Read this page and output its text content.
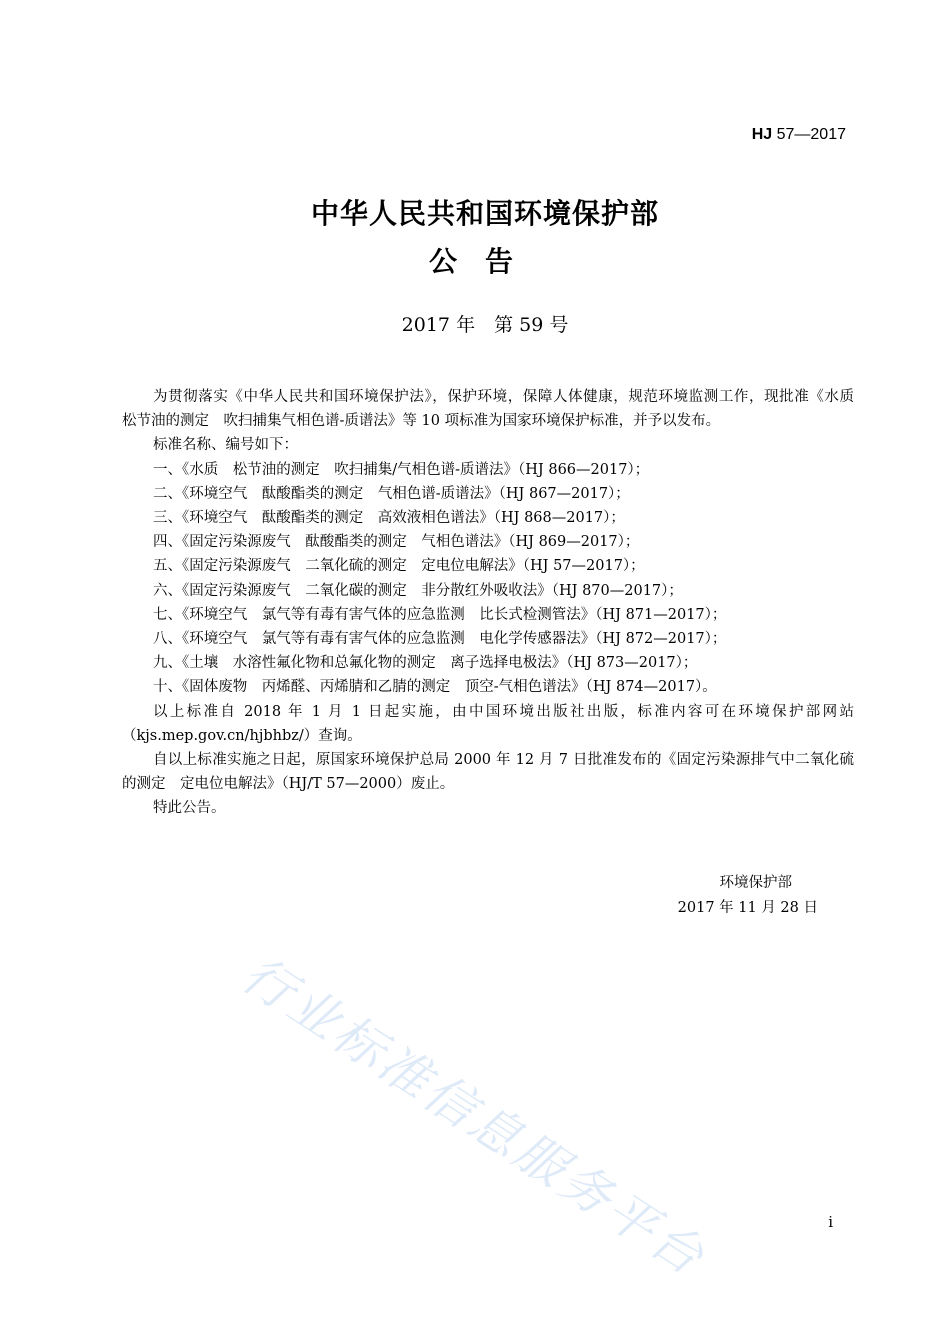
HJ 57—2017
中华人民共和国环境保护部
公告
2017 年　第 59 号

为贯彻落实《中华人民共和国环境保护法》，保护环境，保障人体健康，规范环境监测工作，现批准《水质　松节油的测定　吹扫捕集气相色谱-质谱法》等 10 项标准为国家环境保护标准，并予以发布。

标准名称、编号如下：

一、《水质　松节油的测定　吹扫捕集/气相色谱-质谱法》（HJ 866—2017）；

二、《环境空气　酞酸酯类的测定　气相色谱-质谱法》（HJ 867—2017）；

三、《环境空气　酞酸酯类的测定　高效液相色谱法》（HJ 868—2017）；

四、《固定污染源废气　酞酸酯类的测定　气相色谱法》（HJ 869—2017）；

五、《固定污染源废气　二氧化硫的测定　定电位电解法》（HJ 57—2017）；

六、《固定污染源废气　二氧化碳的测定　非分散红外吸收法》（HJ 870—2017）；

七、《环境空气　氯气等有毒有害气体的应急监测　比长式检测管法》（HJ 871—2017）；

八、《环境空气　氯气等有毒有害气体的应急监测　电化学传感器法》（HJ 872—2017）；

九、《土壤　水溶性氟化物和总氟化物的测定　离子选择电极法》（HJ 873—2017）；

十、《固体废物　丙烯醛、丙烯腈和乙腈的测定　顶空-气相色谱法》（HJ 874—2017）。

以上标准自 2018 年 1 月 1 日起实施，由中国环境出版社出版，标准内容可在环境保护部网站（kjs.mep.gov.cn/hjbhbz/）查询。

自以上标准实施之日起，原国家环境保护总局 2000 年 12 月 7 日批准发布的《固定污染源排气中二氧化硫的测定　定电位电解法》（HJ/T 57—2000）废止。

特此公告。

环境保护部
2017 年 11 月 28 日
行业标准信息服务平台	i
